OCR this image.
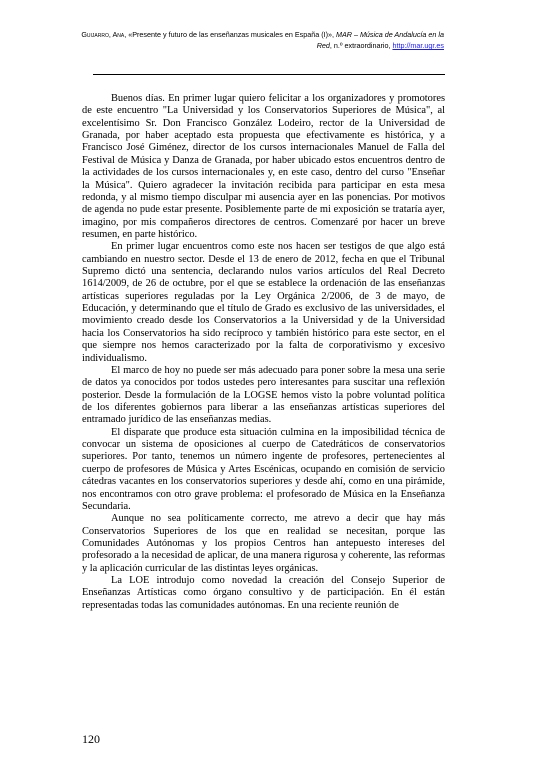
Guijarro, Ana, «Presente y futuro de las enseñanzas musicales en España (I)», MAR – Música de Andalucía en la Red, n.º extraordinario, http://mar.ugr.es

Buenos días. En primer lugar quiero felicitar a los organizadores y promotores de este encuentro "La Universidad y los Conservatorios Superiores de Música", al excelentísimo Sr. Don Francisco González Lodeiro, rector de la Universidad de Granada, por haber aceptado esta propuesta que efectivamente es histórica, y a Francisco José Giménez, director de los cursos internacionales Manuel de Falla del Festival de Música y Danza de Granada, por haber ubicado estos encuentros dentro de la actividades de los cursos internacionales y, en este caso, dentro del curso "Enseñar la Música". Quiero agradecer la invitación recibida para participar en esta mesa redonda, y al mismo tiempo disculpar mi ausencia ayer en las ponencias. Por motivos de agenda no pude estar presente. Posiblemente parte de mi exposición se trataría ayer, imagino, por mis compañeros directores de centros. Comenzaré por hacer un breve resumen, en parte histórico.

En primer lugar encuentros como este nos hacen ser testigos de que algo está cambiando en nuestro sector. Desde el 13 de enero de 2012, fecha en que el Tribunal Supremo dictó una sentencia, declarando nulos varios artículos del Real Decreto 1614/2009, de 26 de octubre, por el que se establece la ordenación de las enseñanzas artísticas superiores reguladas por la Ley Orgánica 2/2006, de 3 de mayo, de Educación, y determinando que el título de Grado es exclusivo de las universidades, el movimiento creado desde los Conservatorios a la Universidad y de la Universidad hacia los Conservatorios ha sido recíproco y también histórico para este sector, en el que siempre nos hemos caracterizado por la falta de corporativismo y excesivo individualismo.

El marco de hoy no puede ser más adecuado para poner sobre la mesa una serie de datos ya conocidos por todos ustedes pero interesantes para suscitar una reflexión posterior. Desde la formulación de la LOGSE hemos visto la pobre voluntad política de los diferentes gobiernos para liberar a las enseñanzas artísticas superiores del entramado jurídico de las enseñanzas medias.

El disparate que produce esta situación culmina en la imposibilidad técnica de convocar un sistema de oposiciones al cuerpo de Catedráticos de conservatorios superiores. Por tanto, tenemos un número ingente de profesores, pertenecientes al cuerpo de profesores de Música y Artes Escénicas, ocupando en comisión de servicio cátedras vacantes en los conservatorios superiores y desde ahí, como en una pirámide, nos encontramos con otro grave problema: el profesorado de Música en la Enseñanza Secundaria.

Aunque no sea políticamente correcto, me atrevo a decir que hay más Conservatorios Superiores de los que en realidad se necesitan, porque las Comunidades Autónomas y los propios Centros han antepuesto intereses del profesorado a la necesidad de aplicar, de una manera rigurosa y coherente, las reformas y la aplicación curricular de las distintas leyes orgánicas.

La LOE introdujo como novedad la creación del Consejo Superior de Enseñanzas Artísticas como órgano consultivo y de participación. En él están representadas todas las comunidades autónomas. En una reciente reunión de

120
